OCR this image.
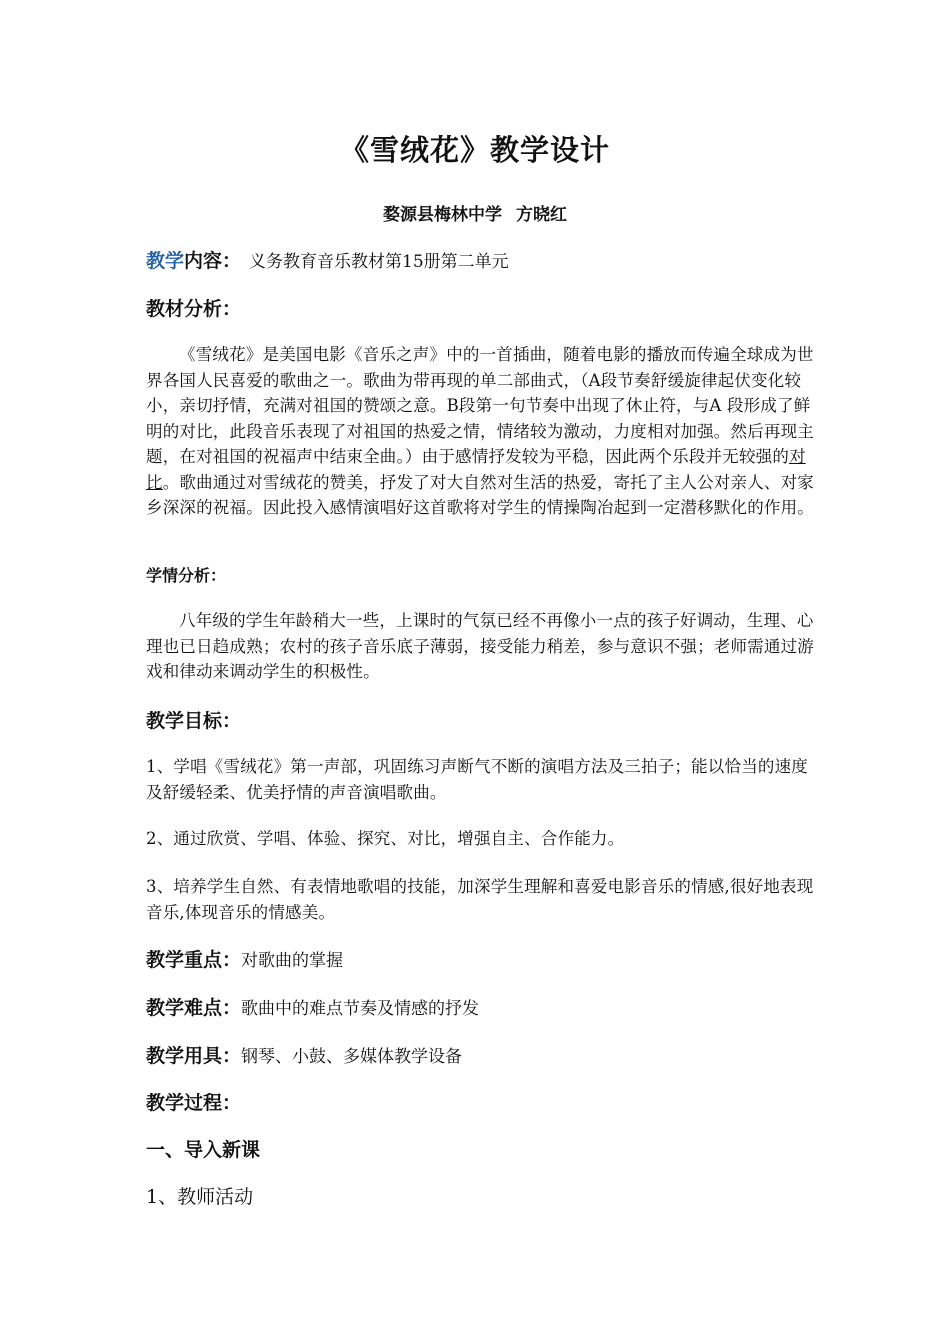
《雪绒花》教学设计
婺源县梅林中学 方晓红
教学内容： 义务教育音乐教材第15册第二单元
教材分析：

《雪绒花》是美国电影《音乐之声》中的一首插曲，随着电影的播放而传遍全球成为世界各国人民喜爱的歌曲之一。歌曲为带再现的单二部曲式，（A段节奏舒缓旋律起伏变化较小，亲切抒情，充满对祖国的赞颂之意。B段第一句节奏中出现了休止符，与A 段形成了鲜明的对比，此段音乐表现了对祖国的热爱之情，情绪较为激动，力度相对加强。然后再现主题，在对祖国的祝福声中结束全曲。）由于感情抒发较为平稳，因此两个乐段并无较强的对比。歌曲通过对雪绒花的赞美，抒发了对大自然对生活的热爱，寄托了主人公对亲人、对家乡深深的祝福。因此投入感情演唱好这首歌将对学生的情操陶冶起到一定潜移默化的作用。

学情分析：

八年级的学生年龄稍大一些，上课时的气氛已经不再像小一点的孩子好调动，生理、心理也已日趋成熟；农村的孩子音乐底子薄弱，接受能力稍差，参与意识不强；老师需通过游戏和律动来调动学生的积极性。

教学目标：

1、学唱《雪绒花》第一声部，巩固练习声断气不断的演唱方法及三拍子；能以恰当的速度及舒缓轻柔、优美抒情的声音演唱歌曲。

2、通过欣赏、学唱、体验、探究、对比，增强自主、合作能力。

3、培养学生自然、有表情地歌唱的技能，加深学生理解和喜爱电影音乐的情感,很好地表现音乐,体现音乐的情感美。

教学重点：对歌曲的掌握
教学难点：歌曲中的难点节奏及情感的抒发
教学用具：钢琴、小鼓、多媒体教学设备
教学过程：
一、导入新课
1、教师活动
